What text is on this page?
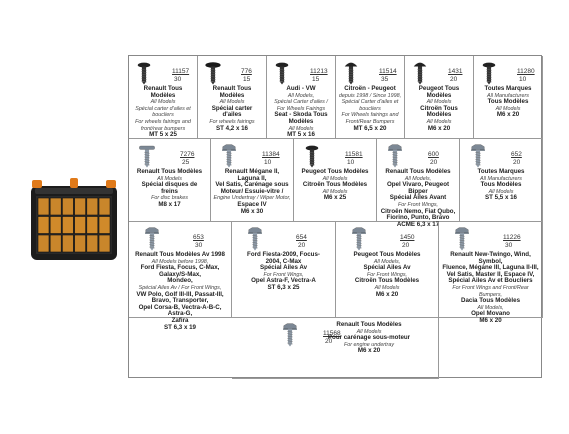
11157
30
Renault Tous Modèles
All Models
Spécial carter d'ailes et boucliers
For wheels fairings and
front/rear bumpers
MT 5 x 25
776
15
Renault Tous Modèles
All Models
Spécial carter
d'ailes
For wheels fairings
ST 4,2 x 16
11213
15
Audi - VW
All Models,
Spécial Carter d'ailes /
For Wheels Fairings
Seat - Skoda Tous
Modèles
All Models
MT 5 x 16
11514
35
Citroën - Peugeot
depuis 1998 / Since 1998,
Spécial Carter d'ailes et boucliers
For Wheels fairings and Front/Rear Bumpers
MT 6,5 x 20
1431
20
Peugeot Tous Modèles
All Models
Citroën Tous
Modèles
All Models
M6 x 20
11280
10
Toutes Marques
All Manufacturers
Tous Modèles
All Models
M6 x 20
7276
25
Renault Tous Modèles
All Models
Spécial disques de
freins
For disc brakes
M8 x 17
11384
10
Renault Mégane II, Laguna II,
Vel Satis, Carénage sous
Moteur/ Essuie-vitre /
Engine Undertray / Wiper Motor,
Espace IV
M6 x 30
11581
10
Peugeot Tous Modèles
All Models
Citroën Tous Modèles
All Models
M6 x 25
600
20
Renault Tous Modèles
All Models,
Opel Vivaro, Peugeot Bipper
Spécial Ailes Avant
For Front Wings,
Citroën Nemo, Fiat Qubo,
Fiorino, Punto, Bravo
ACME 6,3 x 17
652
20
Toutes Marques
All Manufacturers
Tous Modèles
All Models
ST 5,5 x 16
653
30
Renault Tous Modèles Av 1998
All Models before 1998,
Ford Fiesta, Focus, C-Max, Galaxy/S-Max,
Mondeo,
Spécial Ailes Av / For Front Wings,
VW Polo, Golf III-III, Passat-III, Bravo, Transporter,
Opel Corsa-B, Vectra-A-B-C, Astra-G,
Zafira
ST 6,3 x 19
654
20
Ford Fiesta-2009, Focus-
2004, C-Max
Spécial Ailes Av
For Front Wings,
Opel Astra-F, Vectra-A
ST 6,3 x 25
1450
20
Peugeot Tous Modèles
All Models,
Spécial Ailes Av
For Front Wings,
Citroën Tous Modèles
All Models
M6 x 20
11226
30
Renault New-Twingo, Wind, Symbol,
Fluence, Mégane III, Laguna II-III,
Vel Satis, Master II, Espace IV,
Spécial Ailes Av et Boucliers
For Front Wings and Front/Rear Bumpers,
Dacia Tous Modèles
All Models,
Opel Movano
M6 x 20
11568
20
Renault Tous Modèles
All Models
Pour carénage sous-moteur
For engine undertray
M6 x 20
